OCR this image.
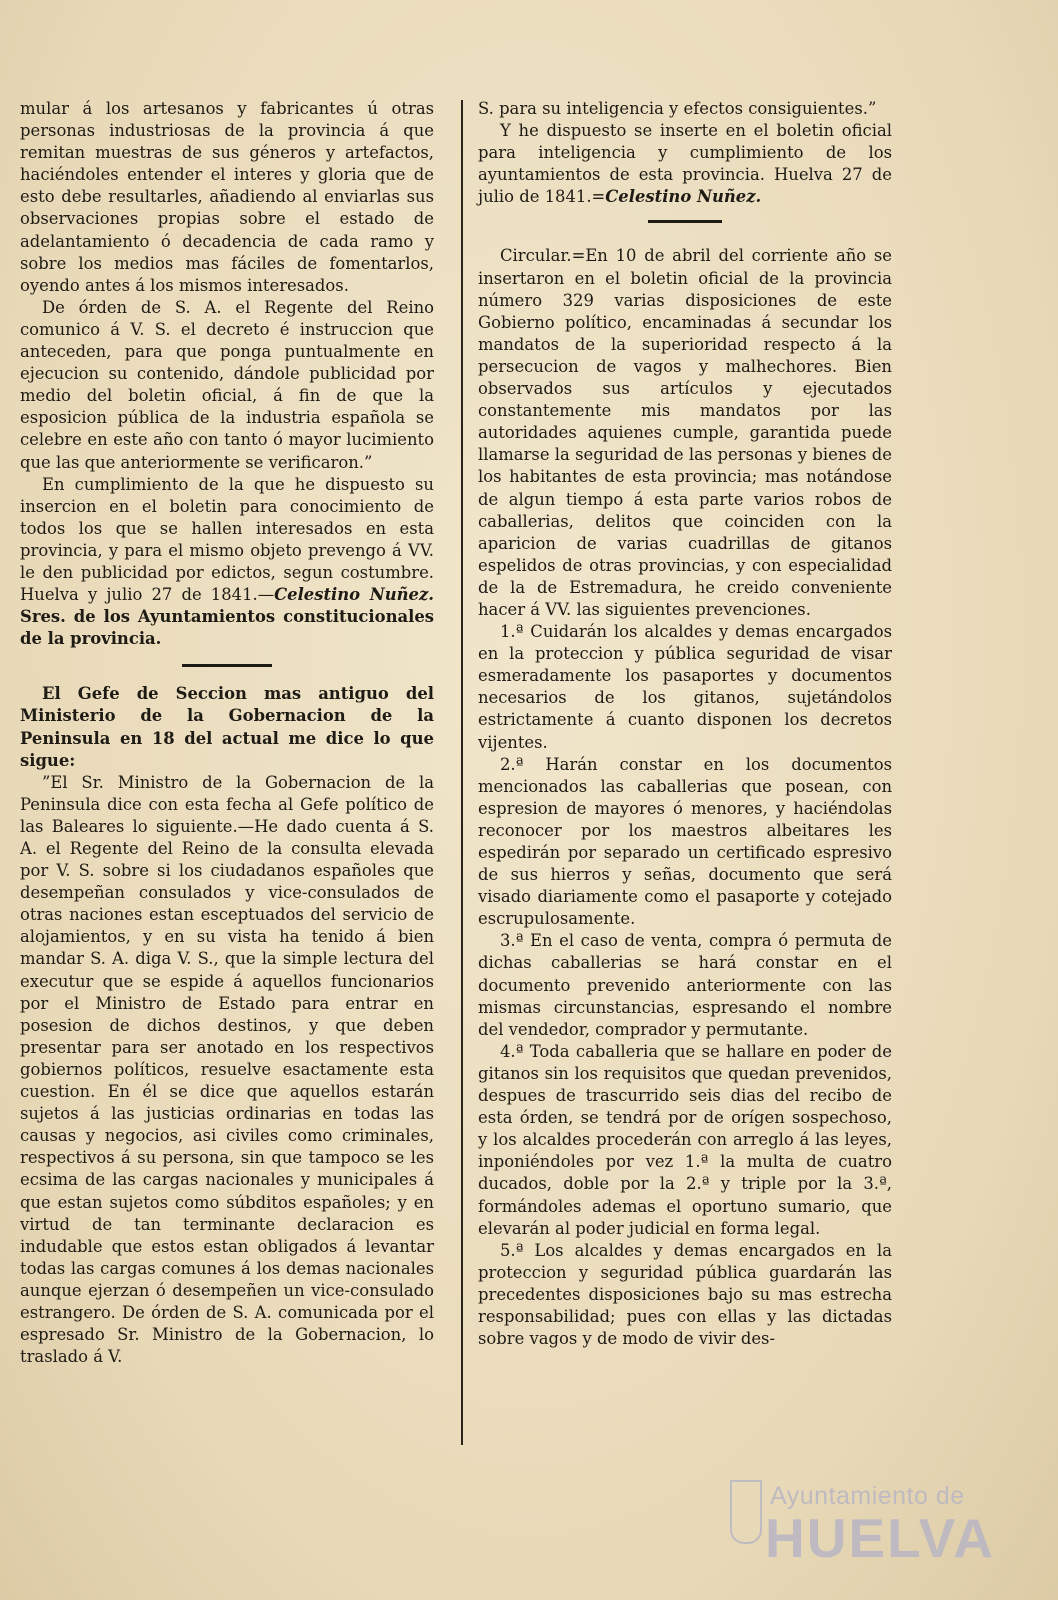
mular á los artesanos y fabricantes ú otras personas industriosas de la provincia á que remitan muestras de sus géneros y artefactos, haciéndoles entender el interes y gloria que de esto debe resultarles, añadiendo al enviarlas sus observaciones propias sobre el estado de adelantamiento ó decadencia de cada ramo y sobre los medios mas fáciles de fomentarlos, oyendo antes á los mismos interesados.

De órden de S. A. el Regente del Reino comunico á V. S. el decreto é instruccion que anteceden, para que ponga puntualmente en ejecucion su contenido, dándole publicidad por medio del boletin oficial, á fin de que la esposicion pública de la industria española se celebre en este año con tanto ó mayor lucimiento que las que anteriormente se verificaron.”

En cumplimiento de la que he dispuesto su insercion en el boletin para conocimiento de todos los que se hallen interesados en esta provincia, y para el mismo objeto prevengo á VV. le den publicidad por edictos, segun costumbre. Huelva y julio 27 de 1841.—Celestino Nuñez. Sres. de los Ayuntamientos constitucionales de la provincia.

El Gefe de Seccion mas antiguo del Ministerio de la Gobernacion de la Peninsula en 18 del actual me dice lo que sigue:

”El Sr. Ministro de la Gobernacion de la Peninsula dice con esta fecha al Gefe político de las Baleares lo siguiente.—He dado cuenta á S. A. el Regente del Reino de la consulta elevada por V. S. sobre si los ciudadanos españoles que desempeñan consulados y vice-consulados de otras naciones estan esceptuados del servicio de alojamientos, y en su vista ha tenido á bien mandar S. A. diga V. S., que la simple lectura del executur que se espide á aquellos funcionarios por el Ministro de Estado para entrar en posesion de dichos destinos, y que deben presentar para ser anotado en los respectivos gobiernos políticos, resuelve esactamente esta cuestion. En él se dice que aquellos estarán sujetos á las justicias ordinarias en todas las causas y negocios, asi civiles como criminales, respectivos á su persona, sin que tampoco se les ecsima de las cargas nacionales y municipales á que estan sujetos como súbditos españoles; y en virtud de tan terminante declaracion es indudable que estos estan obligados á levantar todas las cargas comunes á los demas nacionales aunque ejerzan ó desempeñen un vice-consulado estrangero. De órden de S. A. comunicada por el espresado Sr. Ministro de la Gobernacion, lo traslado á V.

S. para su inteligencia y efectos consiguientes.”

Y he dispuesto se inserte en el boletin oficial para inteligencia y cumplimiento de los ayuntamientos de esta provincia. Huelva 27 de julio de 1841.=Celestino Nuñez.

Circular.=En 10 de abril del corriente año se insertaron en el boletin oficial de la provincia número 329 varias disposiciones de este Gobierno político, encaminadas á secundar los mandatos de la superioridad respecto á la persecucion de vagos y malhechores. Bien observados sus artículos y ejecutados constantemente mis mandatos por las autoridades aquienes cumple, garantida puede llamarse la seguridad de las personas y bienes de los habitantes de esta provincia; mas notándose de algun tiempo á esta parte varios robos de caballerias, delitos que coinciden con la aparicion de varias cuadrillas de gitanos espelidos de otras provincias, y con especialidad de la de Estremadura, he creido conveniente hacer á VV. las siguientes prevenciones.

1.ª Cuidarán los alcaldes y demas encargados en la proteccion y pública seguridad de visar esmeradamente los pasaportes y documentos necesarios de los gitanos, sujetándolos estrictamente á cuanto disponen los decretos vijentes.

2.ª Harán constar en los documentos mencionados las caballerias que posean, con espresion de mayores ó menores, y haciéndolas reconocer por los maestros albeitares les espedirán por separado un certificado espresivo de sus hierros y señas, documento que será visado diariamente como el pasaporte y cotejado escrupulosamente.

3.ª En el caso de venta, compra ó permuta de dichas caballerias se hará constar en el documento prevenido anteriormente con las mismas circunstancias, espresando el nombre del vendedor, comprador y permutante.

4.ª Toda caballeria que se hallare en poder de gitanos sin los requisitos que quedan prevenidos, despues de trascurrido seis dias del recibo de esta órden, se tendrá por de orígen sospechoso, y los alcaldes procederán con arreglo á las leyes, inponiéndoles por vez 1.ª la multa de cuatro ducados, doble por la 2.ª y triple por la 3.ª, formándoles ademas el oportuno sumario, que elevarán al poder judicial en forma legal.

5.ª Los alcaldes y demas encargados en la proteccion y seguridad pública guardarán las precedentes disposiciones bajo su mas estrecha responsabilidad; pues con ellas y las dictadas sobre vagos y de modo de vivir des-

Ayuntamiento de
HUELVA
